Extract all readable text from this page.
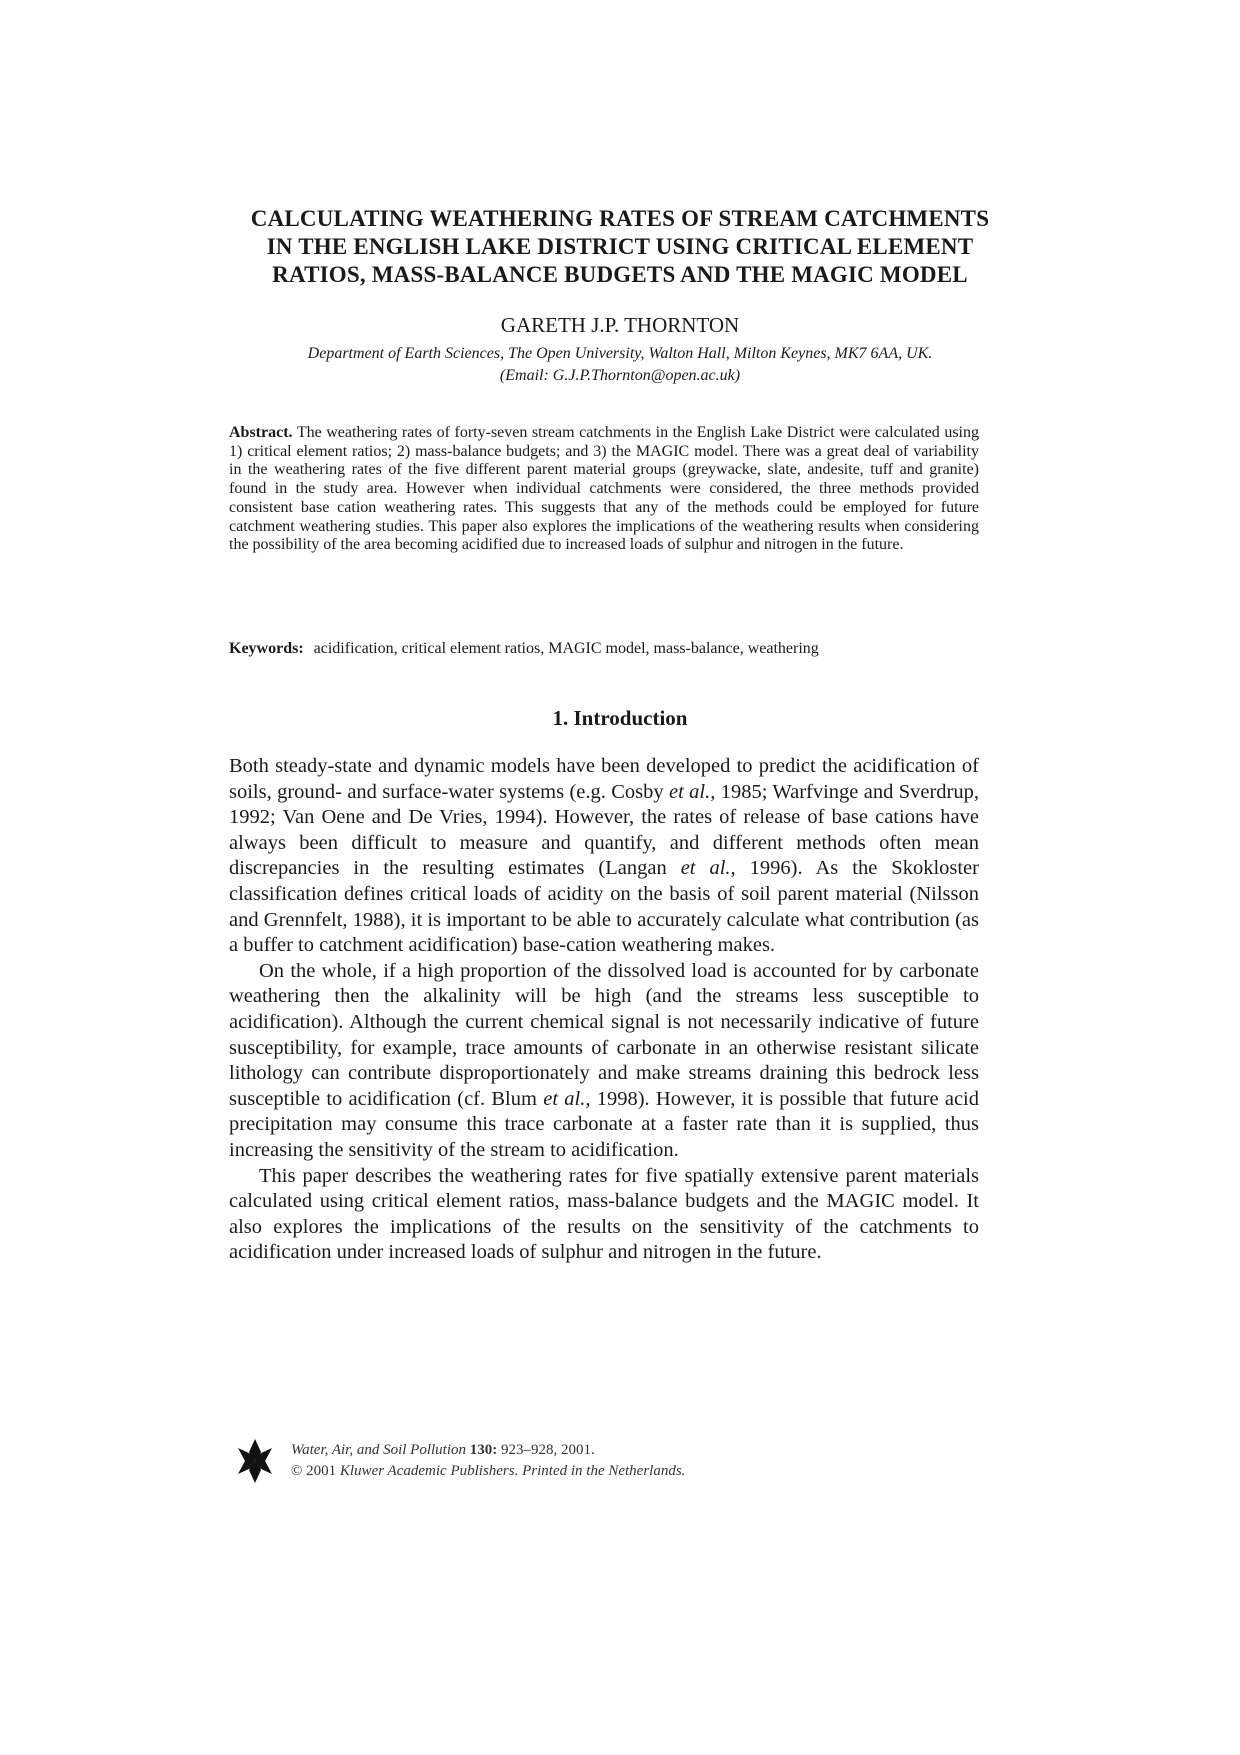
CALCULATING WEATHERING RATES OF STREAM CATCHMENTS
IN THE ENGLISH LAKE DISTRICT USING CRITICAL ELEMENT
RATIOS, MASS-BALANCE BUDGETS AND THE MAGIC MODEL

GARETH J.P. THORNTON

Department of Earth Sciences, The Open University, Walton Hall, Milton Keynes, MK7 6AA, UK.
(Email: G.J.P.Thornton@open.ac.uk)

Abstract. The weathering rates of forty-seven stream catchments in the English Lake District were calculated using 1) critical element ratios; 2) mass-balance budgets; and 3) the MAGIC model. There was a great deal of variability in the weathering rates of the five different parent material groups (greywacke, slate, andesite, tuff and granite) found in the study area. However when individual catchments were considered, the three methods provided consistent base cation weathering rates. This suggests that any of the methods could be employed for future catchment weathering studies. This paper also explores the implications of the weathering results when considering the possibility of the area becoming acidified due to increased loads of sulphur and nitrogen in the future.

Keywords: acidification, critical element ratios, MAGIC model, mass-balance, weathering

1. Introduction

Both steady-state and dynamic models have been developed to predict the acidification of soils, ground- and surface-water systems (e.g. Cosby et al., 1985; Warfvinge and Sverdrup, 1992; Van Oene and De Vries, 1994). However, the rates of release of base cations have always been difficult to measure and quantify, and different methods often mean discrepancies in the resulting estimates (Langan et al., 1996). As the Skokloster classification defines critical loads of acidity on the basis of soil parent material (Nilsson and Grennfelt, 1988), it is important to be able to accurately calculate what contribution (as a buffer to catchment acidification) base-cation weathering makes.

On the whole, if a high proportion of the dissolved load is accounted for by carbonate weathering then the alkalinity will be high (and the streams less susceptible to acidification). Although the current chemical signal is not necessarily indicative of future susceptibility, for example, trace amounts of carbonate in an otherwise resistant silicate lithology can contribute disproportionately and make streams draining this bedrock less susceptible to acidification (cf. Blum et al., 1998). However, it is possible that future acid precipitation may consume this trace carbonate at a faster rate than it is supplied, thus increasing the sensitivity of the stream to acidification.

This paper describes the weathering rates for five spatially extensive parent materials calculated using critical element ratios, mass-balance budgets and the MAGIC model. It also explores the implications of the results on the sensitivity of the catchments to acidification under increased loads of sulphur and nitrogen in the future.

Water, Air, and Soil Pollution 130: 923–928, 2001.
© 2001 Kluwer Academic Publishers. Printed in the Netherlands.
